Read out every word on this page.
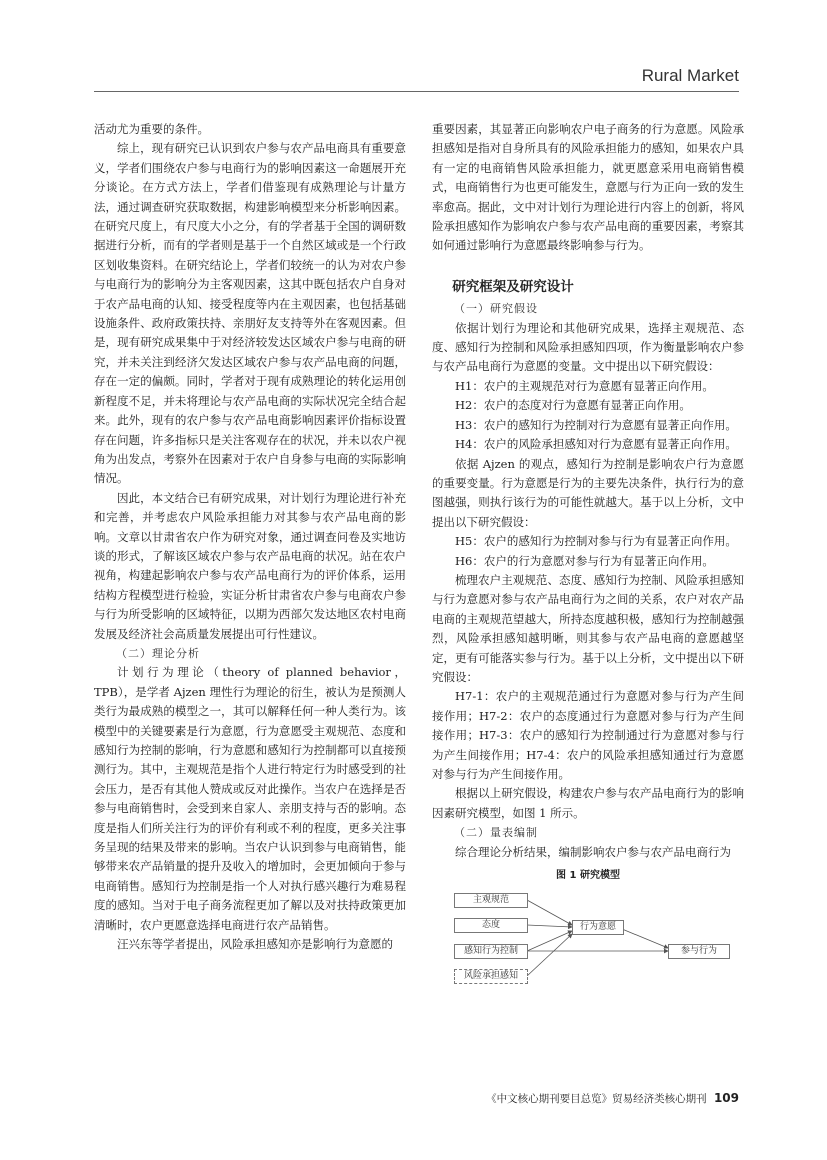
Rural Market

活动尤为重要的条件。

综上，现有研究已认识到农户参与农产品电商具有重要意义，学者们围绕农户参与电商行为的影响因素这一命题展开充分谈论。在方式方法上，学者们借鉴现有成熟理论与计量方法，通过调查研究获取数据，构建影响模型来分析影响因素。在研究尺度上，有尺度大小之分，有的学者基于全国的调研数据进行分析，而有的学者则是基于一个自然区域或是一个行政区划收集资料。在研究结论上，学者们较统一的认为对农户参与电商行为的影响分为主客观因素，这其中既包括农户自身对于农产品电商的认知、接受程度等内在主观因素，也包括基础设施条件、政府政策扶持、亲朋好友支持等外在客观因素。但是，现有研究成果集中于对经济较发达区域农户参与电商的研究，并未关注到经济欠发达区域农户参与农产品电商的问题，存在一定的偏颇。同时，学者对于现有成熟理论的转化运用创新程度不足，并未将理论与农产品电商的实际状况完全结合起来。此外，现有的农户参与农产品电商影响因素评价指标设置存在问题，许多指标只是关注客观存在的状况，并未以农户视角为出发点，考察外在因素对于农户自身参与电商的实际影响情况。

因此，本文结合已有研究成果，对计划行为理论进行补充和完善，并考虑农户风险承担能力对其参与农产品电商的影响。文章以甘肃省农户作为研究对象，通过调查问卷及实地访谈的形式，了解该区域农户参与农产品电商的状况。站在农户视角，构建起影响农户参与农产品电商行为的评价体系，运用结构方程模型进行检验，实证分析甘肃省农户参与电商农户参与行为所受影响的区域特征，以期为西部欠发达地区农村电商发展及经济社会高质量发展提出可行性建议。

（二）理论分析

计划行为理论（theory of planned behavior，TPB），是学者 Ajzen 理性行为理论的衍生，被认为是预测人类行为最成熟的模型之一，其可以解释任何一种人类行为。该模型中的关键要素是行为意愿，行为意愿受主观规范、态度和感知行为控制的影响，行为意愿和感知行为控制都可以直接预测行为。其中，主观规范是指个人进行特定行为时感受到的社会压力，是否有其他人赞成或反对此操作。当农户在选择是否参与电商销售时，会受到来自家人、亲朋支持与否的影响。态度是指人们所关注行为的评价有利或不利的程度，更多关注事务呈现的结果及带来的影响。当农户认识到参与电商销售，能够带来农产品销量的提升及收入的增加时，会更加倾向于参与电商销售。感知行为控制是指一个人对执行感兴趣行为难易程度的感知。当对于电子商务流程更加了解以及对扶持政策更加清晰时，农户更愿意选择电商进行农产品销售。

汪兴东等学者提出，风险承担感知亦是影响行为意愿的

重要因素，其显著正向影响农户电子商务的行为意愿。风险承担感知是指对自身所具有的风险承担能力的感知，如果农户具有一定的电商销售风险承担能力，就更愿意采用电商销售模式，电商销售行为也更可能发生，意愿与行为正向一致的发生率愈高。据此，文中对计划行为理论进行内容上的创新，将风险承担感知作为影响农户参与农产品电商的重要因素，考察其如何通过影响行为意愿最终影响参与行为。

研究框架及研究设计
（一）研究假设

依据计划行为理论和其他研究成果，选择主观规范、态度、感知行为控制和风险承担感知四项，作为衡量影响农户参与农产品电商行为意愿的变量。文中提出以下研究假设：

H1：农户的主观规范对行为意愿有显著正向作用。

H2：农户的态度对行为意愿有显著正向作用。

H3：农户的感知行为控制对行为意愿有显著正向作用。

H4：农户的风险承担感知对行为意愿有显著正向作用。

依据 Ajzen 的观点，感知行为控制是影响农户行为意愿的重要变量。行为意愿是行为的主要先决条件，执行行为的意图越强，则执行该行为的可能性就越大。基于以上分析，文中提出以下研究假设：

H5：农户的感知行为控制对参与行为有显著正向作用。

H6：农户的行为意愿对参与行为有显著正向作用。

梳理农户主观规范、态度、感知行为控制、风险承担感知与行为意愿对参与农产品电商行为之间的关系，农户对农产品电商的主观规范望越大，所持态度越积极，感知行为控制越强烈，风险承担感知越明晰，则其参与农产品电商的意愿越坚定，更有可能落实参与行为。基于以上分析，文中提出以下研究假设：

H7-1：农户的主观规范通过行为意愿对参与行为产生间接作用；H7-2：农户的态度通过行为意愿对参与行为产生间接作用；H7-3：农户的感知行为控制通过行为意愿对参与行为产生间接作用；H7-4：农户的风险承担感知通过行为意愿对参与行为产生间接作用。

根据以上研究假设，构建农户参与农产品电商行为的影响因素研究模型，如图 1 所示。

（二）量表编制

综合理论分析结果，编制影响农户参与农产品电商行为

图 1 研究模型
主观规范
态度
感知行为控制
风险承担感知
行为意愿
参与行为
《中文核心期刊要目总览》贸易经济类核心期刊 109
